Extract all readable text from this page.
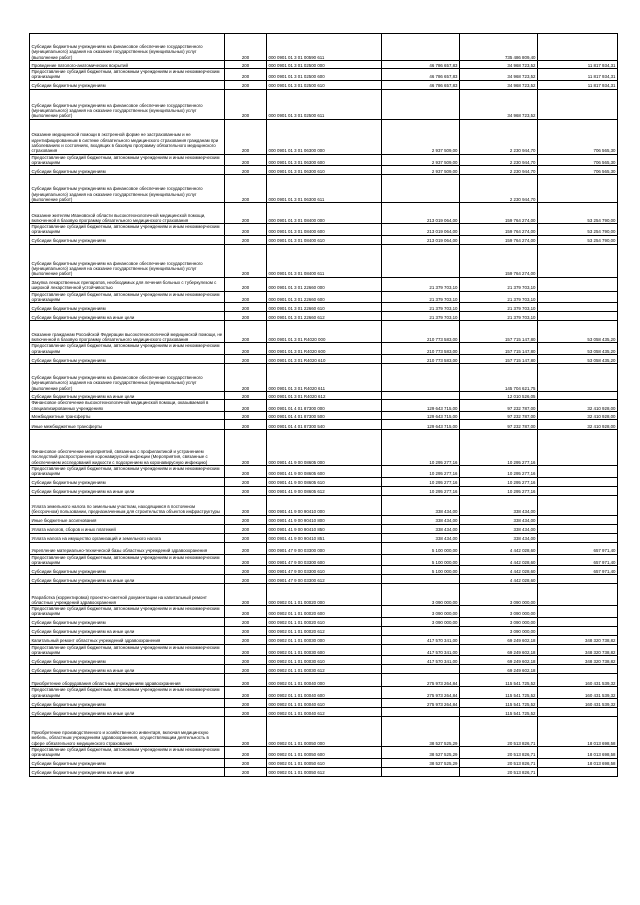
Субсидии бюджетным учреждениям на финансовое обеспечение государственного (муниципального) задания на оказание государственных (муниципальных) услуг (выполнение работ)	200	000 0901 01 3 01 00590 611		735 486 809,40	
Проведение патолого-анатомических вскрытий	200	000 0901 01 3 01 02500 000	46 786 657,83	34 968 723,52	11 817 934,31
Предоставление субсидий бюджетным, автономным учреждениям и иным некоммерческим организациям	200	000 0901 01 3 01 02500 600	46 786 657,83	34 968 723,52	11 817 934,31
Субсидии бюджетным учреждениям	200	000 0901 01 3 01 02500 610	46 786 657,83	34 968 723,52	11 817 934,31
Субсидии бюджетным учреждениям на финансовое обеспечение государственного (муниципального) задания на оказание государственных (муниципальных) услуг (выполнение работ)	200	000 0901 01 3 01 02500 611		34 968 723,52	
Оказание медицинской помощи в экстренной форме не застрахованным и не идентифицированным в системе обязательного медицинского страхования гражданам при заболеваниях и состояниях, входящих в базовую программу обязательного медицинского страхования	200	000 0901 01 3 01 06300 000	2 937 509,00	2 230 944,70	706 565,30
Предоставление субсидий бюджетным, автономным учреждениям и иным некоммерческим организациям	200	000 0901 01 3 01 06300 600	2 937 509,00	2 230 944,70	706 565,30
Субсидии бюджетным учреждениям	200	000 0901 01 3 01 06300 610	2 937 509,00	2 230 944,70	706 565,30
Субсидии бюджетным учреждениям на финансовое обеспечение государственного (муниципального) задания на оказание государственных (муниципальных) услуг (выполнение работ)	200	000 0901 01 3 01 06300 611		2 230 944,70	
Оказание жителям Ивановской области высокотехнологичной медицинской помощи, включенной в базовую программу обязательного медицинского страхования	200	000 0901 01 3 01 08400 000	213 019 064,00	159 764 274,00	53 254 790,00
Предоставление субсидий бюджетным, автономным учреждениям и иным некоммерческим организациям	200	000 0901 01 3 01 08400 600	213 019 064,00	159 764 274,00	53 254 790,00
Субсидии бюджетным учреждениям	200	000 0901 01 3 01 08400 610	213 019 064,00	159 764 274,00	53 254 790,00
Субсидии бюджетным учреждениям на финансовое обеспечение государственного (муниципального) задания на оказание государственных (муниципальных) услуг (выполнение работ)	200	000 0901 01 3 01 08400 611		159 764 274,00	
Закупка лекарственных препаратов, необходимых для лечения больных с туберкулезом с широкой лекарственной устойчивостью	200	000 0901 01 3 01 22660 000	21 379 703,10	21 379 703,10	
Предоставление субсидий бюджетным, автономным учреждениям и иным некоммерческим организациям	200	000 0901 01 3 01 22660 600	21 379 703,10	21 379 703,10	
Субсидии бюджетным учреждениям	200	000 0901 01 3 01 22660 610	21 379 703,10	21 379 703,10	
Субсидии бюджетным учреждениям на иные цели	200	000 0901 01 3 01 22660 612	21 379 703,10	21 379 703,10	
Оказание гражданам Российской Федерации высокотехнологичной медицинской помощи, не включенной в базовую программу обязательного медицинского страхования	200	000 0901 01 3 01 R4020 000	210 773 583,00	157 715 147,80	53 058 435,20
Предоставление субсидий бюджетным, автономным учреждениям и иным некоммерческим организациям	200	000 0901 01 3 01 R4020 600	210 773 583,00	157 715 147,80	53 058 435,20
Субсидии бюджетным учреждениям	200	000 0901 01 3 01 R4020 610	210 773 583,00	157 715 147,80	53 058 435,20
Субсидии бюджетным учреждениям на финансовое обеспечение государственного (муниципального) задания на оказание государственных (муниципальных) услуг (выполнение работ)	200	000 0901 01 3 01 R4020 611		145 704 621,75	
Субсидии бюджетным учреждениям на иные цели	200	000 0901 01 3 01 R4020 612		12 010 526,05	
Финансовое обеспечение высокотехнологичной медицинской помощи, оказываемой в специализированных учреждениях	200	000 0901 01 4 01 87300 000	129 643 715,00	97 232 787,00	32 410 928,00
Межбюджетные трансферты	200	000 0901 01 4 01 87300 500	129 643 715,00	97 232 787,00	32 410 928,00
Иные межбюджетные трансферты	200	000 0901 01 4 01 87300 540	129 643 715,00	97 232 787,00	32 410 928,00
Финансовое обеспечение мероприятий, связанных с профилактикой и устранением последствий распространения коронавирусной инфекции (Мероприятия, связанные с обеспечением исследований жидкости с подозрением на коронавирусную инфекцию)	200	000 0901 41 9 00 08605 000	10 295 277,16	10 295 277,16	
Предоставление субсидий бюджетным, автономным учреждениям и иным некоммерческим организациям	200	000 0901 41 9 00 08605 600	10 295 277,16	10 295 277,16	
Субсидии бюджетным учреждениям	200	000 0901 41 9 00 08605 610	10 295 277,16	10 295 277,16	
Субсидии бюджетным учреждениям на иные цели	200	000 0901 41 9 00 08605 612	10 295 277,16	10 295 277,16	
Уплата земельного налога по земельным участкам, находящимся в постоянном (бессрочном) пользовании, предназначенным для строительства объектов инфраструктуры	200	000 0901 41 9 00 90410 000	338 434,00	338 434,00	
Иные бюджетные ассигнования	200	000 0901 41 9 00 90410 800	338 434,00	338 434,00	
Уплата налогов, сборов и иных платежей	200	000 0901 41 9 00 90410 850	338 434,00	338 434,00	
Уплата налога на имущество организаций и земельного налога	200	000 0901 41 9 00 90410 851	338 434,00	338 434,00	
Укрепление материально-технической базы областных учреждений здравоохранения	200	000 0901 47 9 00 03300 000	5 100 000,00	4 442 028,60	657 971,40
Предоставление субсидий бюджетным, автономным учреждениям и иным некоммерческим организациям	200	000 0901 47 9 00 03300 600	5 100 000,00	4 442 028,60	657 971,40
Субсидии бюджетным учреждениям	200	000 0901 47 9 00 03300 610	5 100 000,00	4 442 028,60	657 971,40
Субсидии бюджетным учреждениям на иные цели	200	000 0901 47 9 00 03300 612		4 442 028,60	
Разработка (корректировка) проектно-сметной документации на капитальный ремонт областных учреждений здравоохранения	200	000 0902 01 1 01 00020 000	3 090 000,00	3 090 000,00	
Предоставление субсидий бюджетным, автономным учреждениям и иным некоммерческим организациям	200	000 0902 01 1 01 00020 600	3 090 000,00	3 090 000,00	
Субсидии бюджетным учреждениям	200	000 0902 01 1 01 00020 610	3 090 000,00	3 090 000,00	
Субсидии бюджетным учреждениям на иные цели	200	000 0902 01 1 01 00020 612		3 090 000,00	
Капитальный ремонт областных учреждений здравоохранения	200	000 0902 01 1 01 00030 000	417 570 341,00	69 249 602,18	348 320 738,82
Предоставление субсидий бюджетным, автономным учреждениям и иным некоммерческим организациям	200	000 0902 01 1 01 00030 600	417 570 341,00	69 249 602,18	348 320 738,82
Субсидии бюджетным учреждениям	200	000 0902 01 1 01 00030 610	417 570 341,00	69 249 602,18	348 320 738,82
Субсидии бюджетным учреждениям на иные цели	200	000 0902 01 1 01 00030 612		69 249 602,18	
Приобретение оборудования областным учреждениям здравоохранения	200	000 0902 01 1 01 00040 000	275 973 264,84	115 541 725,52	160 431 539,32
Предоставление субсидий бюджетным, автономным учреждениям и иным некоммерческим организациям	200	000 0902 01 1 01 00040 600	275 973 264,84	115 541 725,52	160 431 539,32
Субсидии бюджетным учреждениям	200	000 0902 01 1 01 00040 610	275 973 264,84	115 541 725,52	160 431 539,32
Субсидии бюджетным учреждениям на иные цели	200	000 0902 01 1 01 00040 612		115 541 725,52	
Приобретение производственного и хозяйственного инвентаря, включая медицинскую мебель, областным учреждениям здравоохранения, осуществляющим деятельность в сфере обязательного медицинского страхования	200	000 0902 01 1 01 00050 000	38 527 525,29	20 513 826,71	18 013 698,58
Предоставление субсидий бюджетным, автономным учреждениям и иным некоммерческим организациям	200	000 0902 01 1 01 00050 600	38 527 525,29	20 513 826,71	18 013 698,58
Субсидии бюджетным учреждениям	200	000 0902 01 1 01 00050 610	38 527 525,29	20 513 826,71	18 013 698,58
Субсидии бюджетным учреждениям на иные цели	200	000 0902 01 1 01 00050 612		20 513 826,71	
